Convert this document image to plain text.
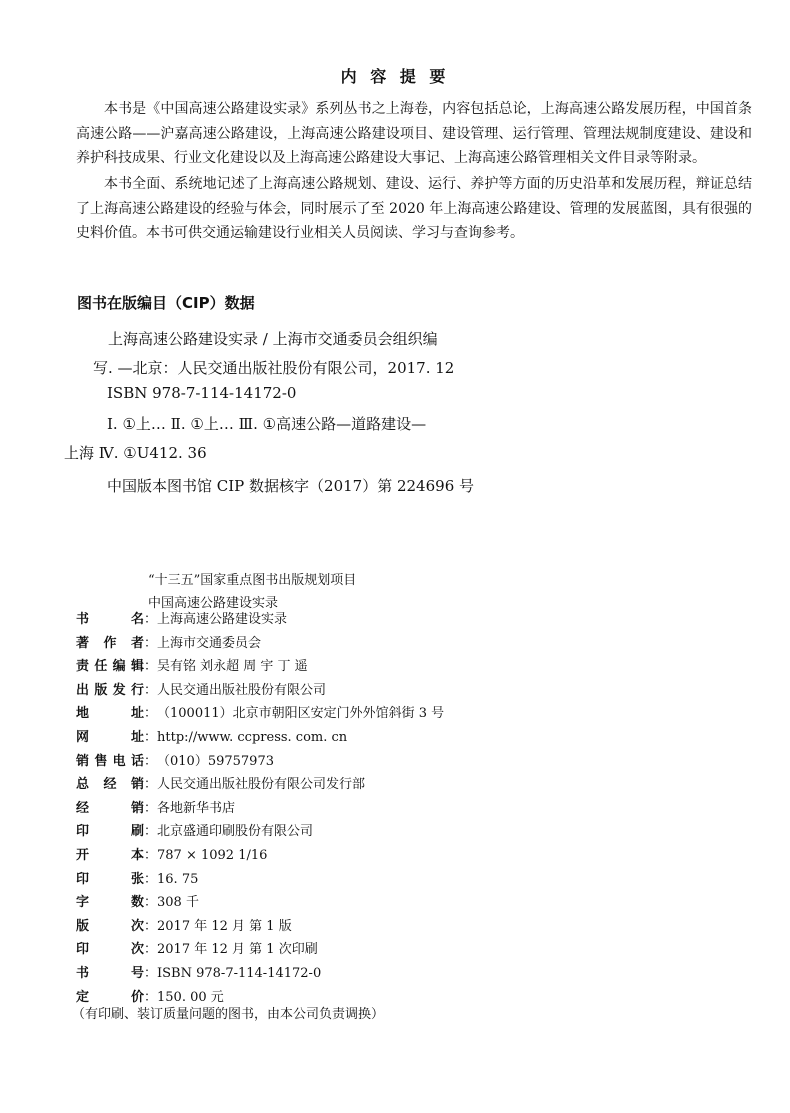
内 容 提 要
本书是《中国高速公路建设实录》系列丛书之上海卷，内容包括总论，上海高速公路发展历程，中国首条高速公路——沪嘉高速公路建设，上海高速公路建设项目、建设管理、运行管理、管理法规制度建设、建设和养护科技成果、行业文化建设以及上海高速公路建设大事记、上海高速公路管理相关文件目录等附录。
本书全面、系统地记述了上海高速公路规划、建设、运行、养护等方面的历史沿革和发展历程，辩证总结了上海高速公路建设的经验与体会，同时展示了至 2020 年上海高速公路建设、管理的发展蓝图，具有很强的史料价值。本书可供交通运输建设行业相关人员阅读、学习与查询参考。
图书在版编目（CIP）数据
上海高速公路建设实录 / 上海市交通委员会组织编
写. —北京：人民交通出版社股份有限公司，2017. 12
ISBN 978-7-114-14172-0
Ⅰ. ①上… Ⅱ. ①上… Ⅲ. ①高速公路—道路建设—
上海 Ⅳ. ①U412. 36
中国版本图书馆 CIP 数据核字（2017）第 224696 号
“十三五”国家重点图书出版规划项目
中国高速公路建设实录
书名：上海高速公路建设实录
著作者：上海市交通委员会
责任编辑：吴有铭 刘永超 周 宇 丁 遥
出版发行：人民交通出版社股份有限公司
地址：（100011）北京市朝阳区安定门外外馆斜街 3 号
网址：http://www. ccpress. com. cn
销售电话：（010）59757973
总经销：人民交通出版社股份有限公司发行部
经销：各地新华书店
印刷：北京盛通印刷股份有限公司
开本：787 × 1092 1/16
印张：16. 75
字数：308 千
版次：2017 年 12 月 第 1 版
印次：2017 年 12 月 第 1 次印刷
书号：ISBN 978-7-114-14172-0
定价：150. 00 元
（有印刷、装订质量问题的图书，由本公司负责调换）
